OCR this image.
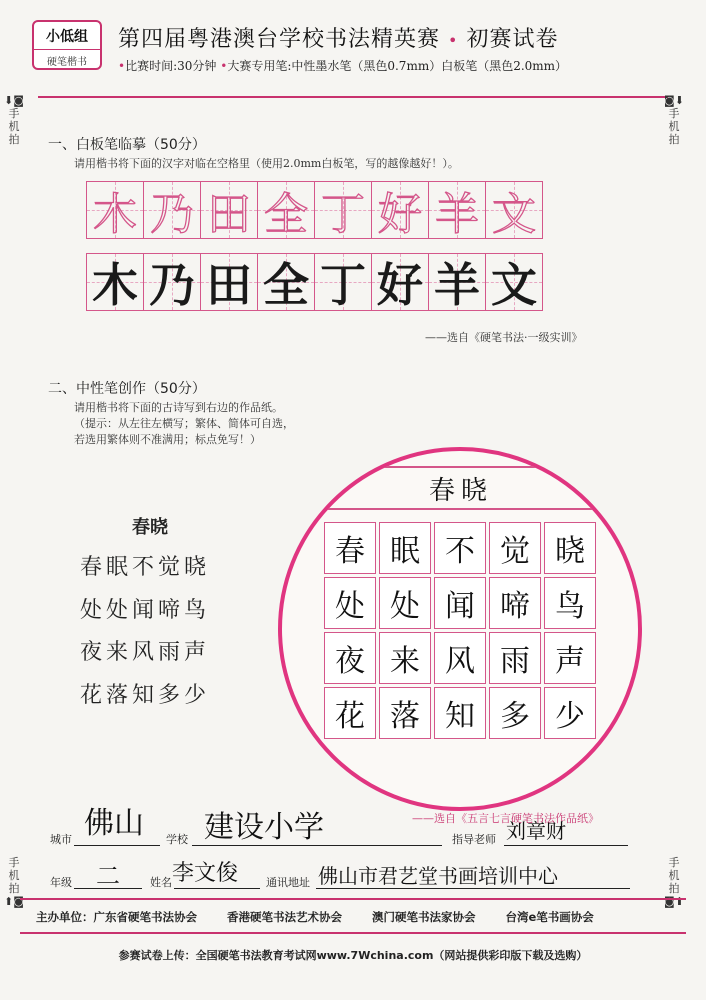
小低组
硬笔楷书
第四届粤港澳台学校书法精英赛 • 初赛试卷
•比赛时间:30分钟 •大赛专用笔:中性墨水笔（黑色0.7mm）白板笔（黑色2.0mm）
⬇◙
手机拍
◙⬇
手机拍
手机拍
⬆◙
手机拍
◙⬆
一、白板笔临摹（50分）
请用楷书将下面的汉字对临在空格里（使用2.0mm白板笔，写的越像越好！）。
木 乃 田 全 丁 好 羊 文
木 乃 田 全 丁 好 羊 文
——选自《硬笔书法·一级实训》
二、中性笔创作（50分）
请用楷书将下面的古诗写到右边的作品纸。
（提示：从左往左横写；繁体、简体可自选，
若选用繁体则不准满用；标点免写！）
春晓
春眠不觉晓
处处闻啼鸟
夜来风雨声
花落知多少
春晓
春 眠 不 觉 晓
处 处 闻 啼 鸟
夜 来 风 雨 声
花 落 知 多 少
——选自《五言七言硬笔书法作品纸》
城市 佛山 学校 建设小学	指导老师 刘章财
年级 二	姓名 李文俊	通讯地址 佛山市君艺堂书画培训中心
主办单位：广东省硬笔书法协会	香港硬笔书法艺术协会	澳门硬笔书法家协会	台湾e笔书画协会
参赛试卷上传：全国硬笔书法教育考试网www.7Wchina.com（网站提供彩印版下载及选购）
